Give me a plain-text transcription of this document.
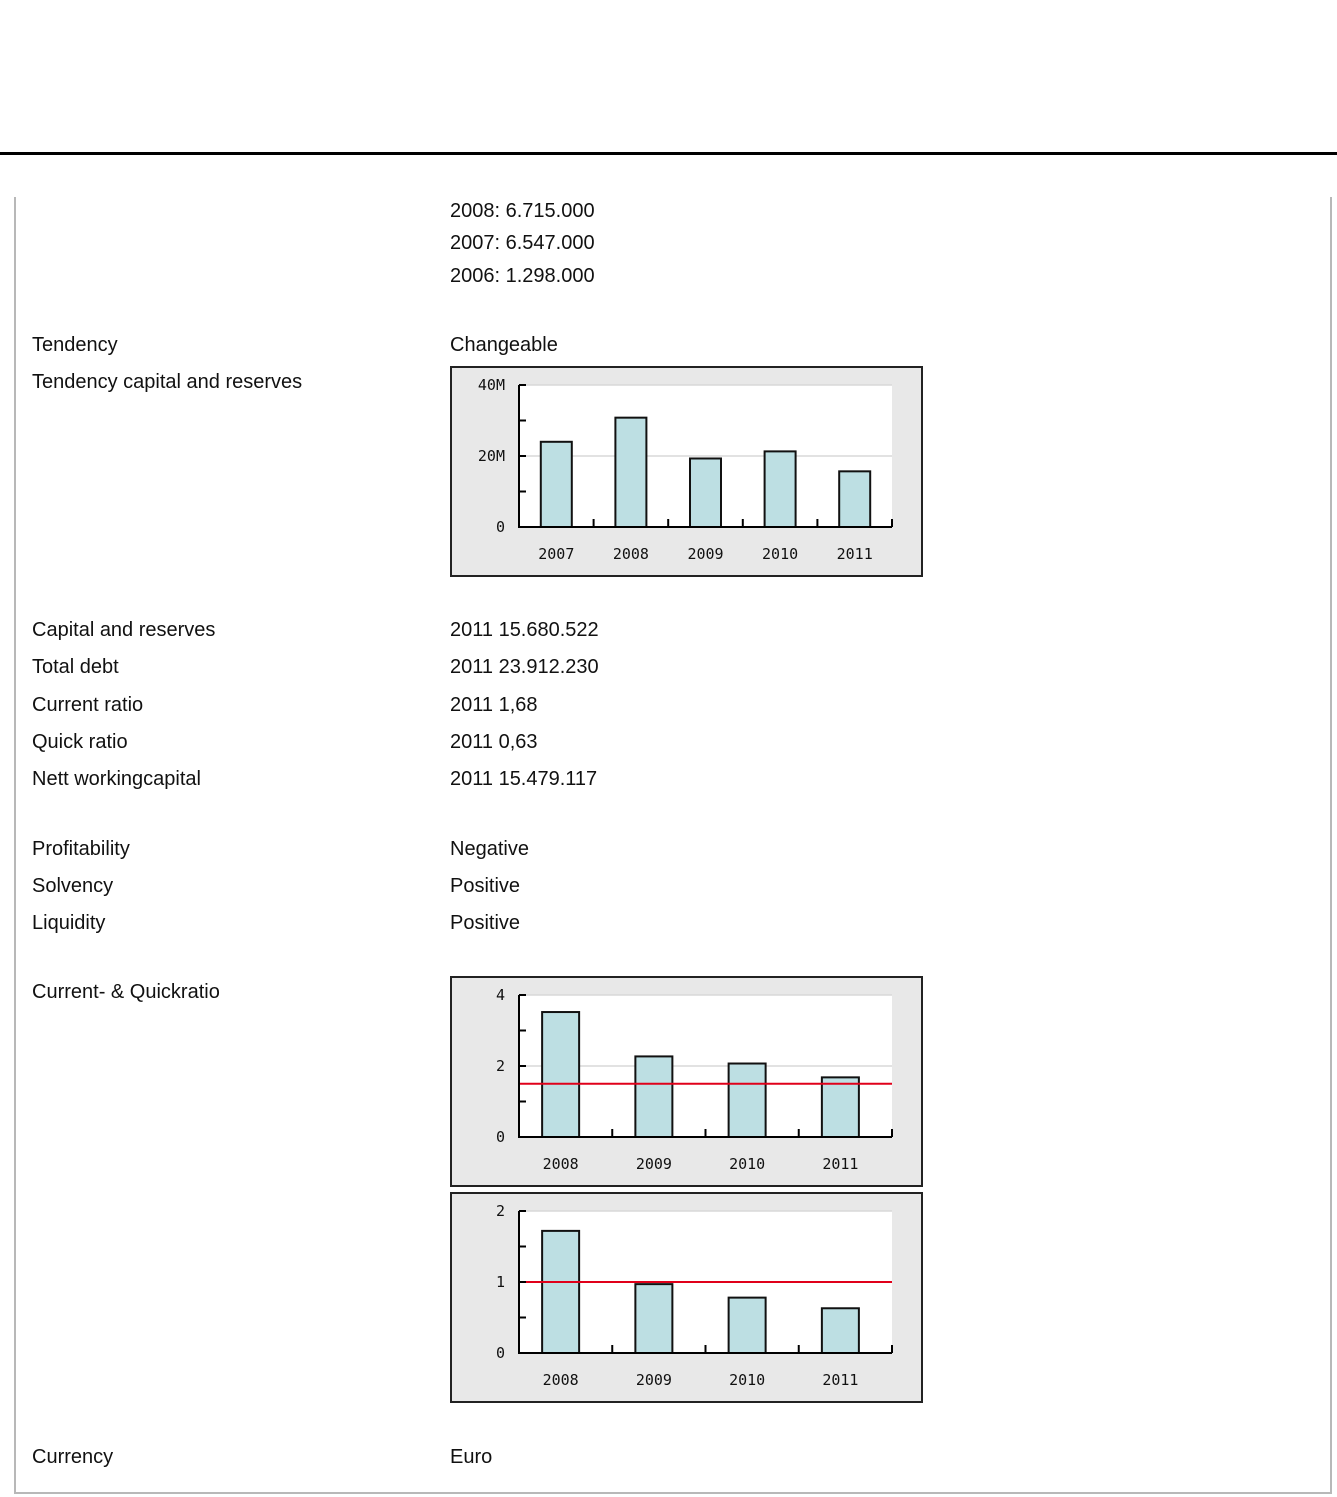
2008: 6.715.000
2007: 6.547.000
2006: 1.298.000
Tendency	Changeable
Tendency capital and reserves
2007	2008	2009	2010	2011
0
20M
40M
Capital and reserves	2011 15.680.522
Total debt	2011 23.912.230
Current ratio	2011 1,68
Quick ratio	2011 0,63
Nett workingcapital	2011 15.479.117
Profitability	Negative
Solvency	Positive
Liquidity	Positive
Current- & Quickratio
2008	2009	2010	2011
0
2
4
2008	2009	2010	2011
0
1
2
Currency	Euro
